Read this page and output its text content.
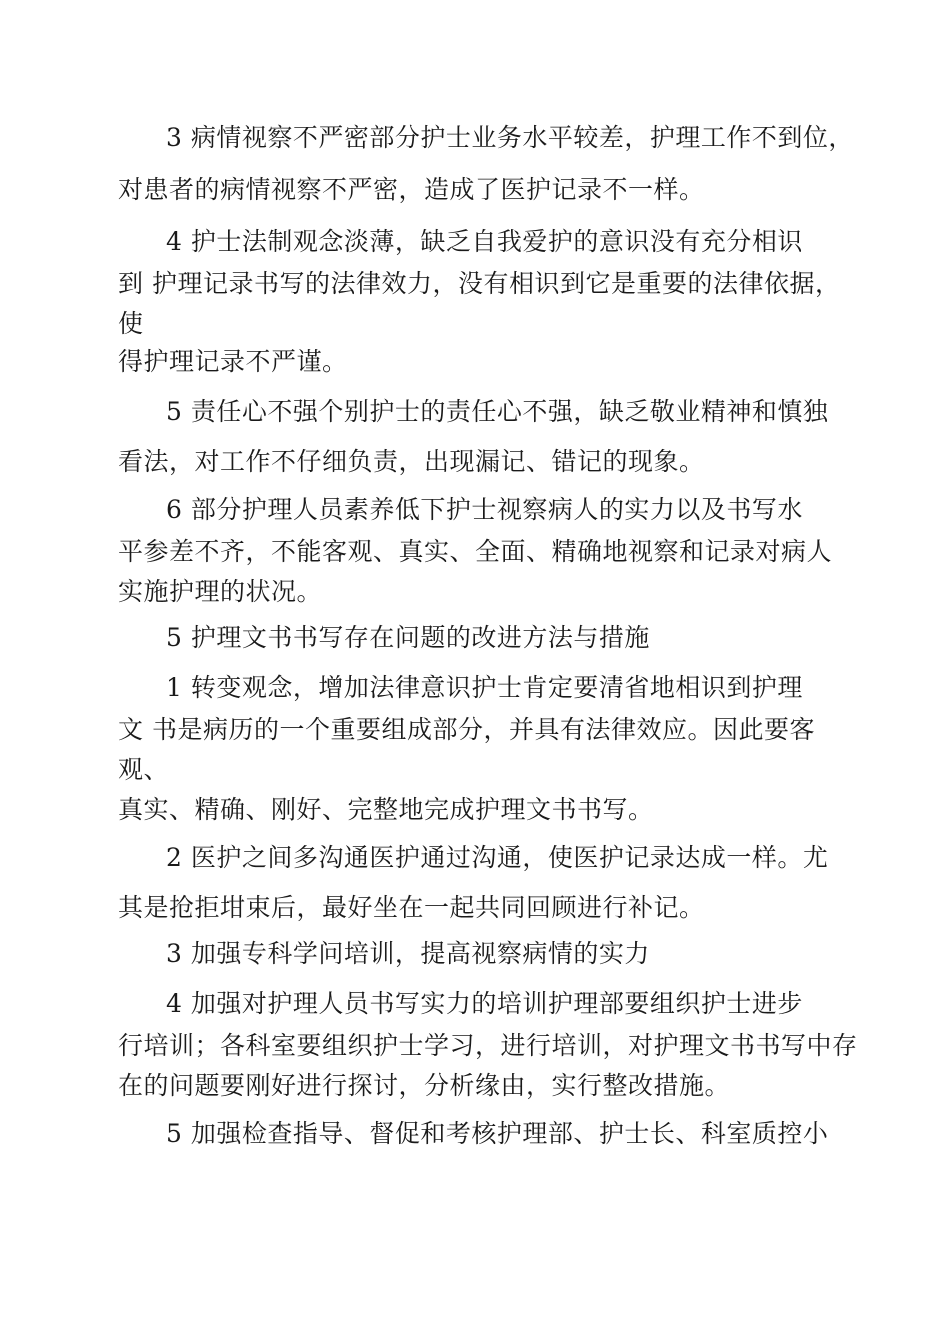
3 病情视察不严密部分护士业务水平较差，护理工作不到位，
对患者的病情视察不严密，造成了医护记录不一样。
4 护士法制观念淡薄，缺乏自我爱护的意识没有充分相识
到 护理记录书写的法律效力，没有相识到它是重要的法律依据，
使
得护理记录不严谨。
5 责任心不强个别护士的责任心不强，缺乏敬业精神和慎独
看法，对工作不仔细负责，出现漏记、错记的现象。
6 部分护理人员素养低下护士视察病人的实力以及书写水
平参差不齐，不能客观、真实、全面、精确地视察和记录对病人
实施护理的状况。
5 护理文书书写存在问题的改进方法与措施
1 转变观念，增加法律意识护士肯定要清省地相识到护理
文 书是病历的一个重要组成部分，并具有法律效应。因此要客
观、
真实、精确、刚好、完整地完成护理文书书写。
2 医护之间多沟通医护通过沟通，使医护记录达成一样。尤
其是抢拒坩束后，最好坐在一起共同回顾进行补记。
3 加强专科学问培训，提高视察病情的实力
4 加强对护理人员书写实力的培训护理部要组织护士进步
行培训；各科室要组织护士学习，进行培训，对护理文书书写中存
在的问题要刚好进行探讨，分析缘由，实行整改措施。
5 加强检查指导、督促和考核护理部、护士长、科室质控小
